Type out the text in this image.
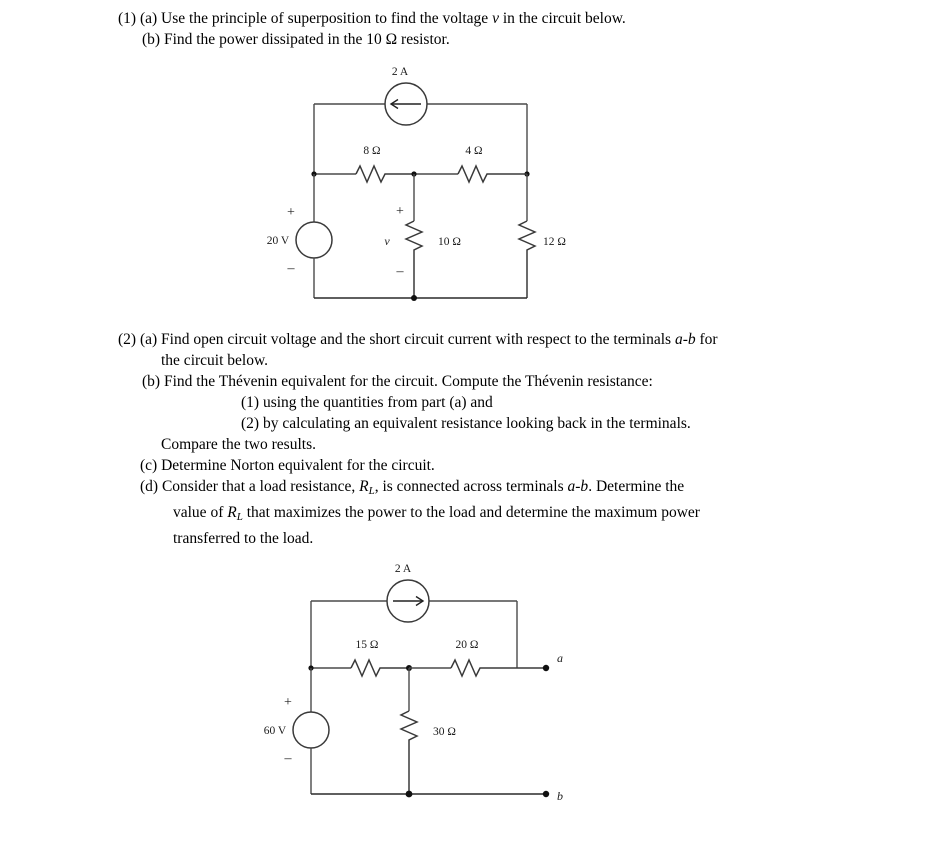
(1) (a) Use the principle of superposition to find the voltage v in the circuit below.
(b) Find the power dissipated in the 10 Ω resistor.
2 A
8 Ω	4 Ω
20 V
+
–
10 Ω
v
+
–
12 Ω
(2) (a) Find open circuit voltage and the short circuit current with respect to the terminals a-b for
the circuit below.
(b) Find the Thévenin equivalent for the circuit. Compute the Thévenin resistance:
(1) using the quantities from part (a) and
(2) by calculating an equivalent resistance looking back in the terminals.
Compare the two results.
(c) Determine Norton equivalent for the circuit.
(d) Consider that a load resistance, $R_L$, is connected across terminals a-b. Determine the
value of $R_L$ that maximizes the power to the load and determine the maximum power
transferred to the load.
2 A
15 Ω	20 Ω
a
60 V
+
–
30 Ω
b
